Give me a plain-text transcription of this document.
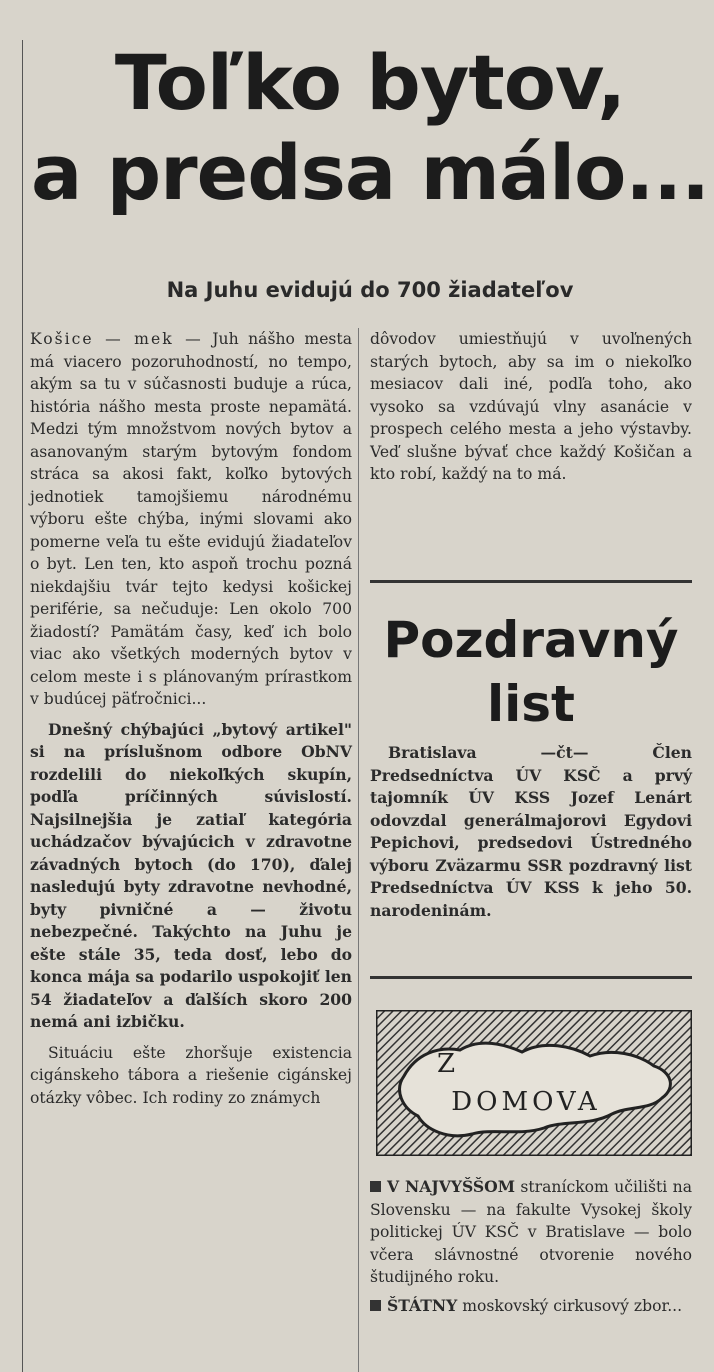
Toľko bytov,
a predsa málo...
Na Juhu evidujú do 700 žiadateľov

Košice — mek — Juh nášho mesta má viacero pozoruhodností, no tempo, akým sa tu v súčasnosti buduje a rúca, história nášho mesta proste nepamätá. Medzi tým množstvom nových bytov a asanovaným starým bytovým fondom stráca sa akosi fakt, koľko bytových jednotiek tamojšiemu národnému výboru ešte chýba, inými slovami ako pomerne veľa tu ešte evidujú žiadateľov o byt. Len ten, kto aspoň trochu pozná niekdajšiu tvár tejto kedysi košickej periférie, sa nečuduje: Len okolo 700 žiadostí? Pamätám časy, keď ich bolo viac ako všetkých moderných bytov v celom meste i s plánovaným prírastkom v budúcej päťročnici...

Dnešný chýbajúci „bytový artikel" si na príslušnom odbore ObNV rozdelili do niekoľkých skupín, podľa príčinných súvislostí. Najsilnejšia je zatiaľ kategória uchádzačov bývajúcich v zdravotne závadných bytoch (do 170), ďalej nasledujú byty zdravotne nevhodné, byty pivničné a — životu nebezpečné. Takýchto na Juhu je ešte stále 35, teda dosť, lebo do konca mája sa podarilo uspokojiť len 54 žiadateľov a ďalších skoro 200 nemá ani izbičku.

Situáciu ešte zhoršuje existencia cigánskeho tábora a riešenie cigánskej otázky vôbec. Ich rodiny zo známych

dôvodov umiestňujú v uvoľnených starých bytoch, aby sa im o niekoľko mesiacov dali iné, podľa toho, ako vysoko sa vzdúvajú vlny asanácie v prospech celého mesta a jeho výstavby. Veď slušne bývať chce každý Košičan a kto robí, každý na to má.

Pozdravný list

Bratislava —čt— Člen Predsedníctva ÚV KSČ a prvý tajomník ÚV KSS Jozef Lenárt odovzdal generálmajorovi Egydovi Pepichovi, predsedovi Ústredného výboru Zväzarmu SSR pozdravný list Predsedníctva ÚV KSS k jeho 50. narodeninám.

Z
DOMOVA

V NAJVYŠŠOM straníckom učilišti na Slovensku — na fakulte Vysokej školy politickej ÚV KSČ v Bratislave — bolo včera slávnostné otvorenie nového študijného roku.

ŠTÁTNY moskovský cirkusový zbor...
